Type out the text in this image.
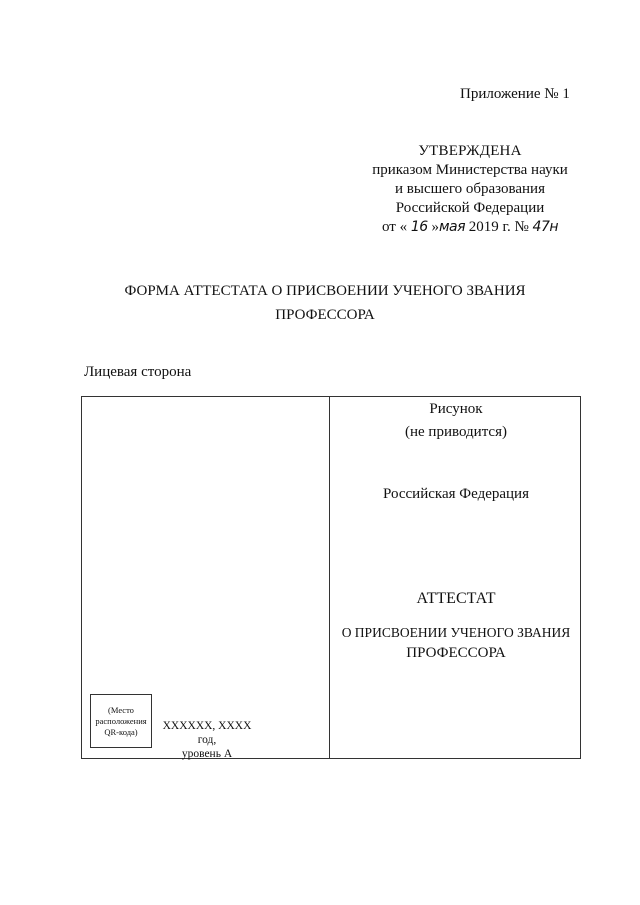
Приложение № 1
УТВЕРЖДЕНА
приказом Министерства науки
и высшего образования
Российской Федерации
от « 16 »мая 2019 г. № 47н
ФОРМА АТТЕСТАТА О ПРИСВОЕНИИ УЧЕНОГО ЗВАНИЯ
ПРОФЕССОРА
Лицевая сторона
Рисунок
(не приводится)
Российская Федерация
АТТЕСТАТ
О ПРИСВОЕНИИ УЧЕНОГО ЗВАНИЯ
ПРОФЕССОРА
(Место расположения QR-кода)	XXXXXX, XXXX год,
уровень А
